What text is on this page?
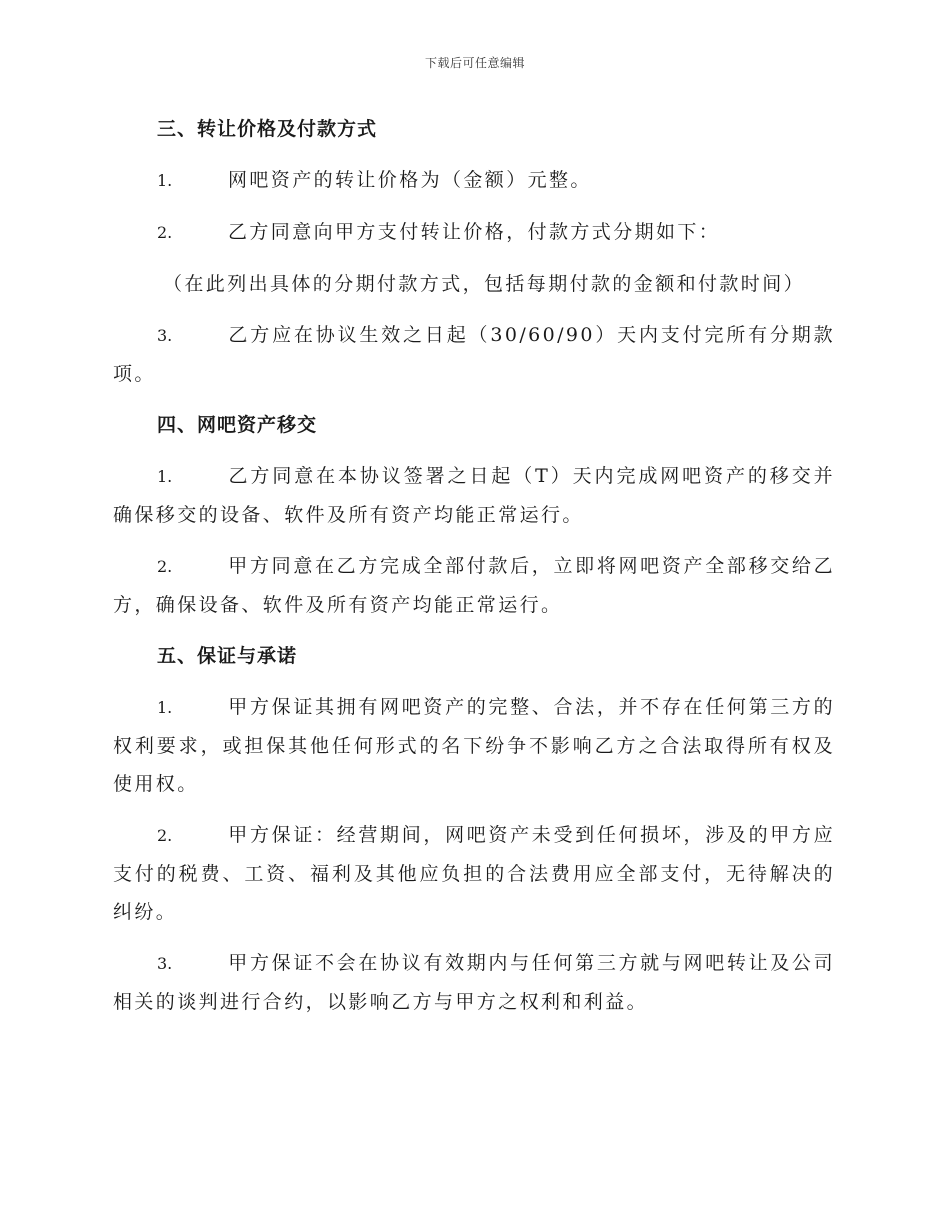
下载后可任意编辑

三、转让价格及付款方式

1.	网吧资产的转让价格为（金额）元整。

2.	乙方同意向甲方支付转让价格，付款方式分期如下：

（在此列出具体的分期付款方式，包括每期付款的金额和付款时间）

3.	乙方应在协议生效之日起（30/60/90）天内支付完所有分期款项。

四、网吧资产移交

1.	乙方同意在本协议签署之日起（T）天内完成网吧资产的移交并确保移交的设备、软件及所有资产均能正常运行。

2.	甲方同意在乙方完成全部付款后，立即将网吧资产全部移交给乙方，确保设备、软件及所有资产均能正常运行。

五、保证与承诺

1.	甲方保证其拥有网吧资产的完整、合法，并不存在任何第三方的权利要求，或担保其他任何形式的名下纷争不影响乙方之合法取得所有权及使用权。

2.	甲方保证：经营期间，网吧资产未受到任何损坏，涉及的甲方应支付的税费、工资、福利及其他应负担的合法费用应全部支付，无待解决的纠纷。

3.	甲方保证不会在协议有效期内与任何第三方就与网吧转让及公司相关的谈判进行合约，以影响乙方与甲方之权利和利益。
